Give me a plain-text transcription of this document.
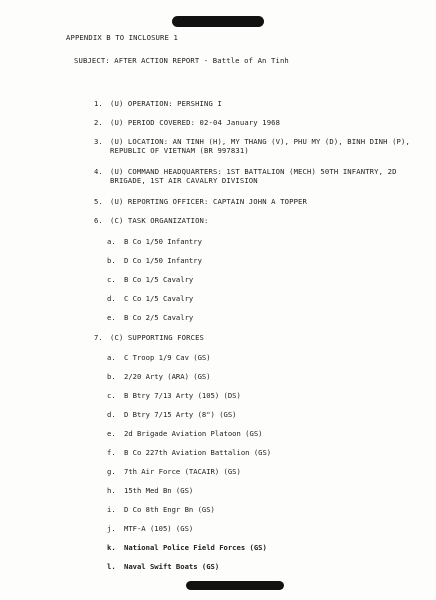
APPENDIX B TO INCLOSURE 1
SUBJECT: AFTER ACTION REPORT - Battle of An Tinh
1. (U) OPERATION: PERSHING I
2. (U) PERIOD COVERED: 02-04 January 1968
3. (U) LOCATION: AN TINH (H), MY THANG (V), PHU MY (D), BINH DINH (P),
REPUBLIC OF VIETNAM (BR 997831)
4. (U) COMMAND HEADQUARTERS: 1ST BATTALION (MECH) 50TH INFANTRY, 2D
BRIGADE, 1ST AIR CAVALRY DIVISION
5. (U) REPORTING OFFICER: CAPTAIN JOHN A TOPPER
6. (C) TASK ORGANIZATION:
a. B Co 1/50 Infantry
b. D Co 1/50 Infantry
c. B Co 1/5 Cavalry
d. C Co 1/5 Cavalry
e. B Co 2/5 Cavalry
7. (C) SUPPORTING FORCES
a. C Troop 1/9 Cav (GS)
b. 2/20 Arty (ARA) (GS)
c. B Btry 7/13 Arty (105) (DS)
d. D Btry 7/15 Arty (8") (GS)
e. 2d Brigade Aviation Platoon (GS)
f. B Co 227th Aviation Battalion (GS)
g. 7th Air Force (TACAIR) (GS)
h. 15th Med Bn (GS)
i. D Co 8th Engr Bn (GS)
j. MTF-A (105) (GS)
k. National Police Field Forces (GS)
l. Naval Swift Boats (GS)
